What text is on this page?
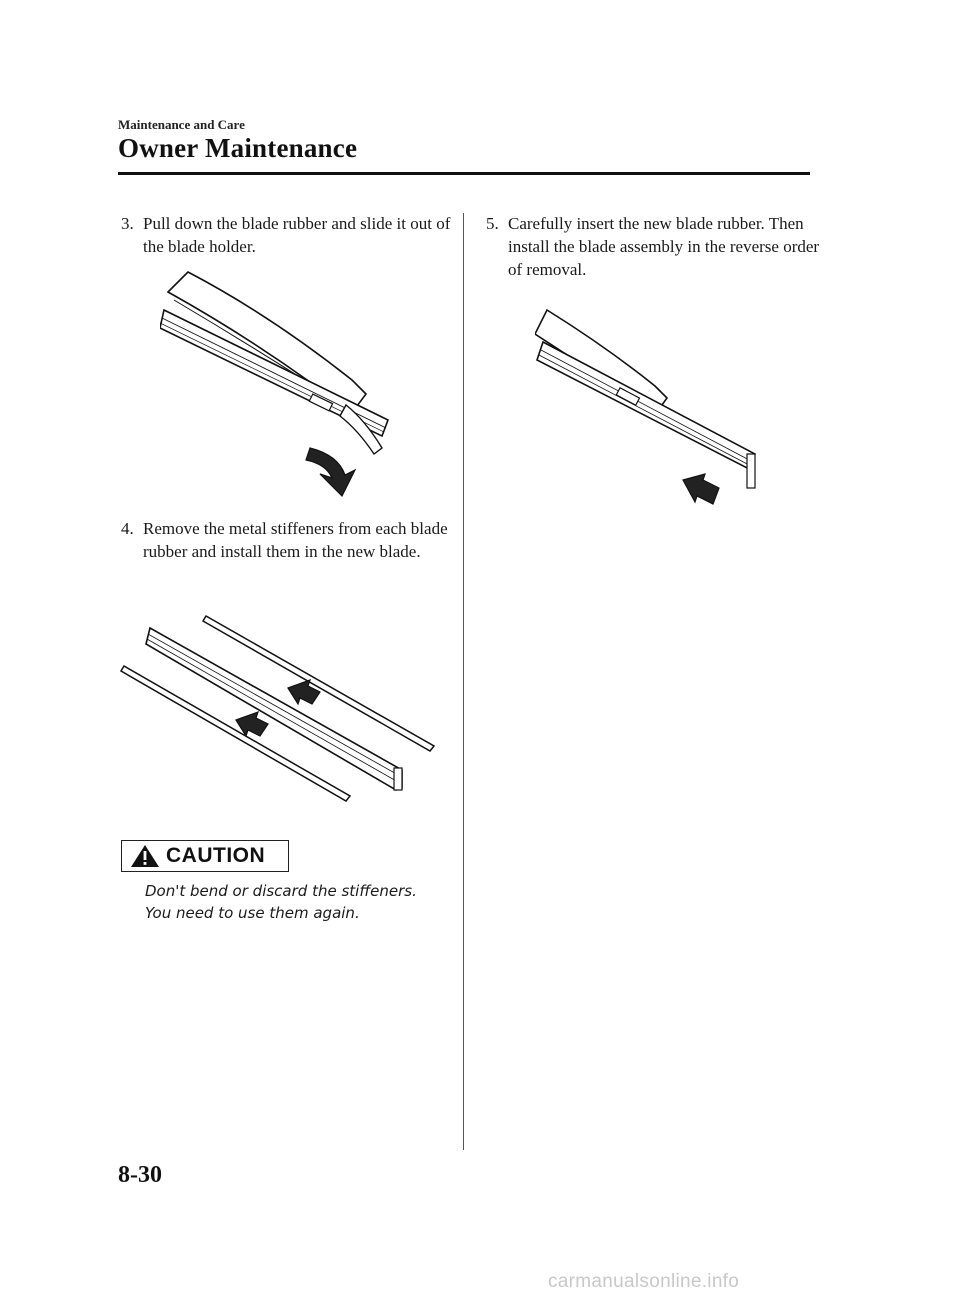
Maintenance and Care
Owner Maintenance
3. Pull down the blade rubber and slide it out of the blade holder.
4. Remove the metal stiffeners from each blade rubber and install them in the new blade.
CAUTION
Don't bend or discard the stiffeners. You need to use them again.
5. Carefully insert the new blade rubber. Then install the blade assembly in the reverse order of removal.
8-30
carmanualsonline.info
